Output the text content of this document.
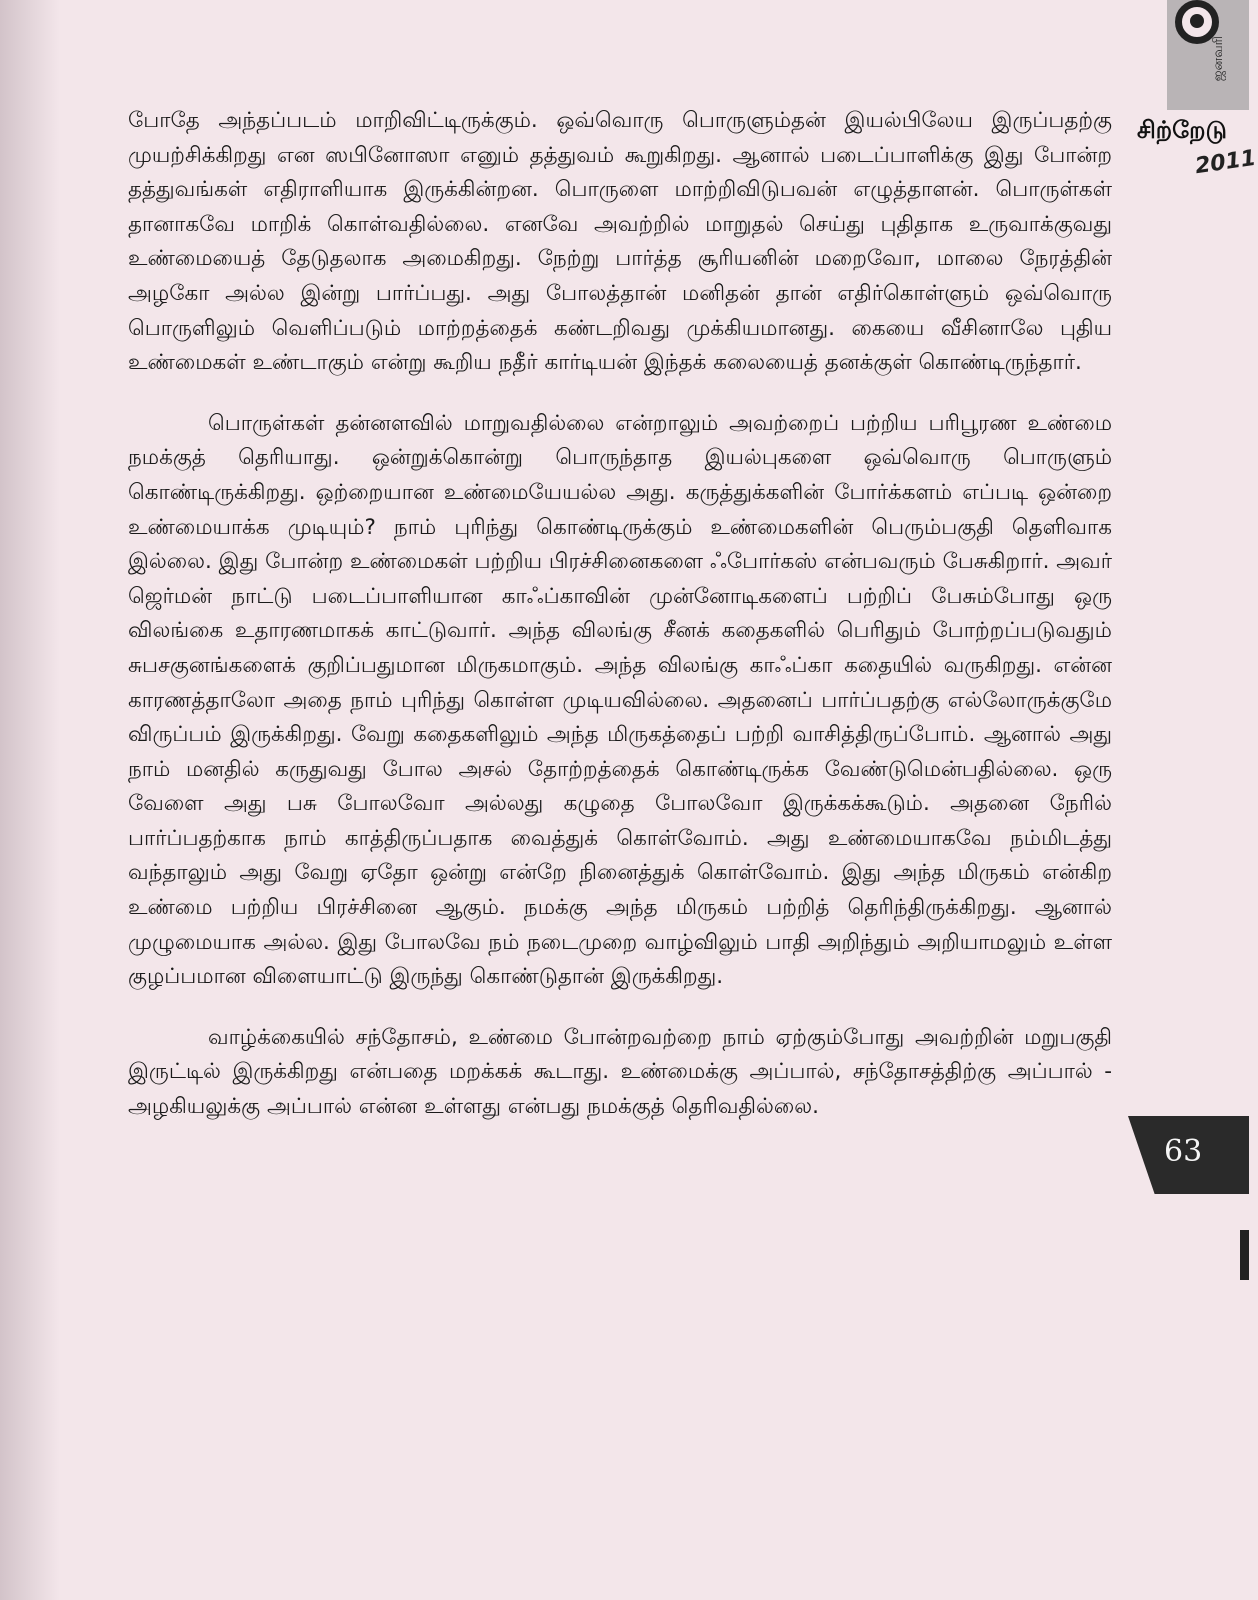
ஜனவரி
சிற்றேடு
2011

போதே அந்தப்படம் மாறிவிட்டிருக்கும். ஒவ்வொரு பொருளும்தன் இயல்பிலேய இருப்பதற்கு முயற்சிக்கிறது என ஸபினோஸா எனும் தத்துவம் கூறுகிறது. ஆனால் படைப்பாளிக்கு இது போன்ற தத்துவங்கள் எதிராளியாக இருக்கின்றன. பொருளை மாற்றிவிடுபவன் எழுத்தாளன். பொருள்கள் தானாகவே மாறிக் கொள்வதில்லை. எனவே அவற்றில் மாறுதல் செய்து புதிதாக உருவாக்குவது உண்மையைத் தேடுதலாக அமைகிறது. நேற்று பார்த்த சூரியனின் மறைவோ, மாலை நேரத்தின் அழகோ அல்ல இன்று பார்ப்பது. அது போலத்தான் மனிதன் தான் எதிர்கொள்ளும் ஒவ்வொரு பொருளிலும் வெளிப்படும் மாற்றத்தைக் கண்டறிவது முக்கியமானது. கையை வீசினாலே புதிய உண்மைகள் உண்டாகும் என்று கூறிய நதீர் கார்டியன் இந்தக் கலையைத் தனக்குள் கொண்டிருந்தார்.

பொருள்கள் தன்னளவில் மாறுவதில்லை என்றாலும் அவற்றைப் பற்றிய பரிபூரண உண்மை நமக்குத் தெரியாது. ஒன்றுக்கொன்று பொருந்தாத இயல்புகளை ஒவ்வொரு பொருளும் கொண்டிருக்கிறது. ஒற்றையான உண்மையேயல்ல அது. கருத்துக்களின் போர்க்களம் எப்படி ஒன்றை உண்மையாக்க முடியும்? நாம் புரிந்து கொண்டிருக்கும் உண்மைகளின் பெரும்பகுதி தெளிவாக இல்லை. இது போன்ற உண்மைகள் பற்றிய பிரச்சினைகளை ஃபோர்கஸ் என்பவரும் பேசுகிறார். அவர் ஜெர்மன் நாட்டு படைப்பாளியான காஃப்காவின் முன்னோடிகளைப் பற்றிப் பேசும்போது ஒரு விலங்கை உதாரணமாகக் காட்டுவார். அந்த விலங்கு சீனக் கதைகளில் பெரிதும் போற்றப்படுவதும் சுபசகுனங்களைக் குறிப்பதுமான மிருகமாகும். அந்த விலங்கு காஃப்கா கதையில் வருகிறது. என்ன காரணத்தாலோ அதை நாம் புரிந்து கொள்ள முடியவில்லை. அதனைப் பார்ப்பதற்கு எல்லோருக்குமே விருப்பம் இருக்கிறது. வேறு கதைகளிலும் அந்த மிருகத்தைப் பற்றி வாசித்திருப்போம். ஆனால் அது நாம் மனதில் கருதுவது போல அசல் தோற்றத்தைக் கொண்டிருக்க வேண்டுமென்பதில்லை. ஒரு வேளை அது பசு போலவோ அல்லது கழுதை போலவோ இருக்கக்கூடும். அதனை நேரில் பார்ப்பதற்காக நாம் காத்திருப்பதாக வைத்துக் கொள்வோம். அது உண்மையாகவே நம்மிடத்து வந்தாலும் அது வேறு ஏதோ ஒன்று என்றே நினைத்துக் கொள்வோம். இது அந்த மிருகம் என்கிற உண்மை பற்றிய பிரச்சினை ஆகும். நமக்கு அந்த மிருகம் பற்றித் தெரிந்திருக்கிறது. ஆனால் முழுமையாக அல்ல. இது போலவே நம் நடைமுறை வாழ்விலும் பாதி அறிந்தும் அறியாமலும் உள்ள குழப்பமான விளையாட்டு இருந்து கொண்டுதான் இருக்கிறது.

வாழ்க்கையில் சந்தோசம், உண்மை போன்றவற்றை நாம் ஏற்கும்போது அவற்றின் மறுபகுதி இருட்டில் இருக்கிறது என்பதை மறக்கக் கூடாது. உண்மைக்கு அப்பால், சந்தோசத்திற்கு அப்பால் - அழகியலுக்கு அப்பால் என்ன உள்ளது என்பது நமக்குத் தெரிவதில்லை.

63
